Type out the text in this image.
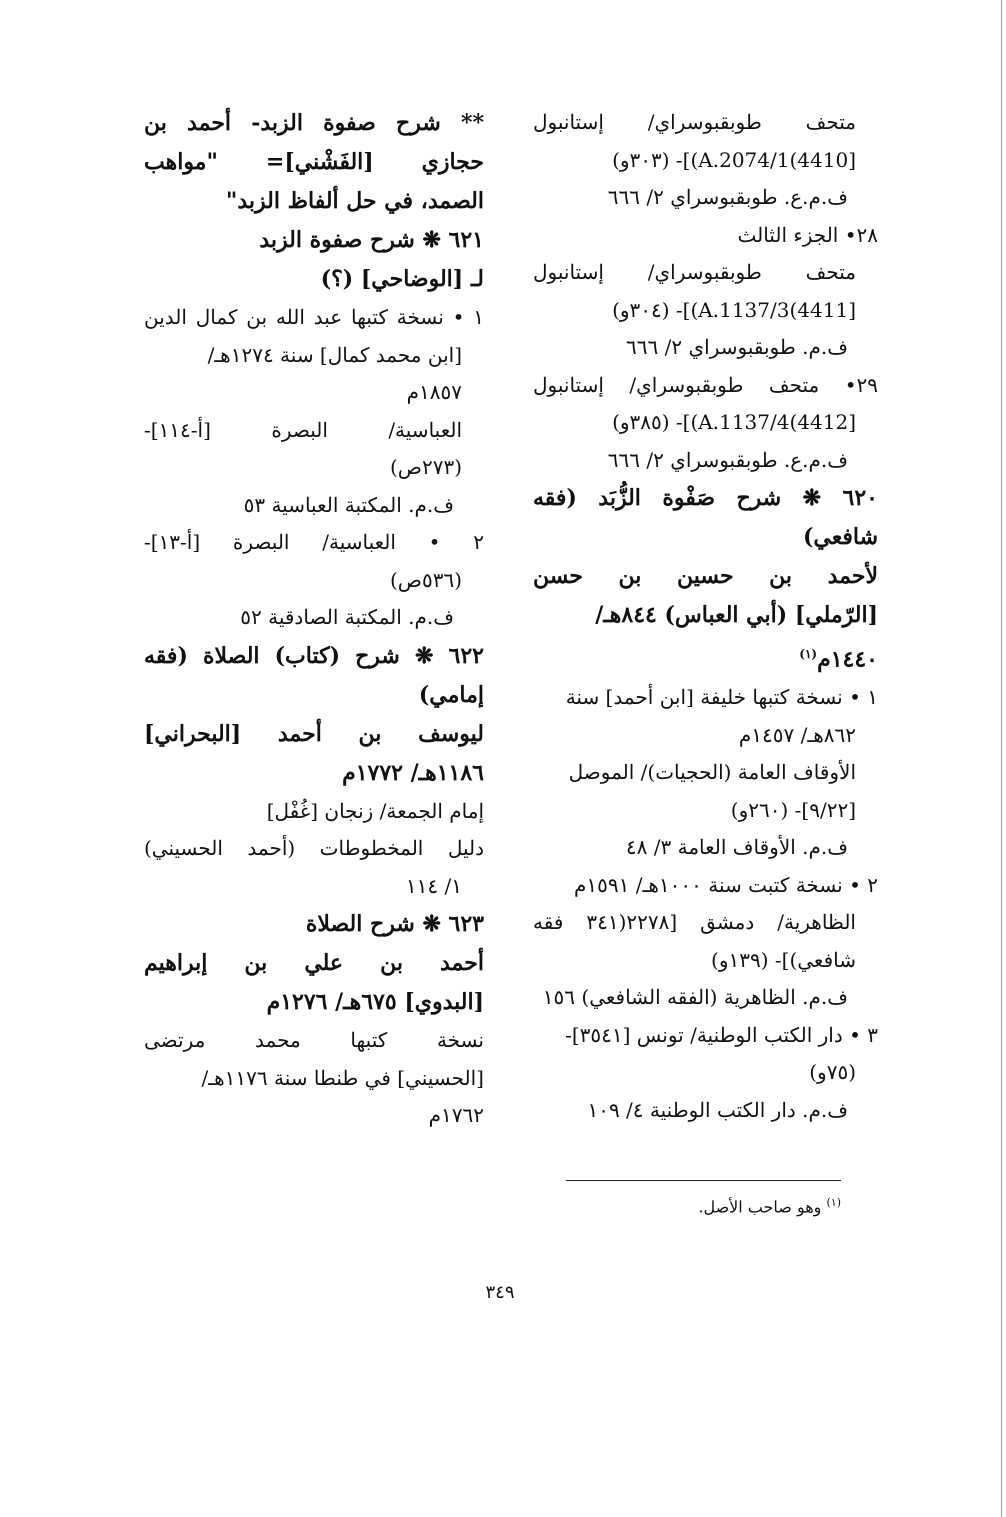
متحف طوبقبوسراي/ إستانبول
[4410)A.2074/1)]- (٣٠٣و)
ف.م.ع. طوبقبوسراي ٢/ ٦٦٦
٢٨• الجزء الثالث
متحف طوبقبوسراي/ إستانبول
[4411)A.1137/3)]- (٣٠٤و)
ف.م. طوبقبوسراي ٢/ ٦٦٦
٢٩• متحف طوبقبوسراي/ إستانبول
[4412)A.1137/4)]- (٣٨٥و)
ف.م.ع. طوبقبوسراي ٢/ ٦٦٦
٦٢٠ ❋ شرح صَفْوة الزُّبَد (فقه
شافعي)
لأحمد بن حسين بن حسن
[الرّملي] (أبي العباس) ٨٤٤هـ/
١٤٤٠م$^{(١)}$
١ • نسخة كتبها خليفة [ابن أحمد] سنة
٨٦٢هـ/ ١٤٥٧م
الأوقاف العامة (الحجيات)/ الموصل
[٩/٢٢]- (٢٦٠و)
ف.م. الأوقاف العامة ٣/ ٤٨
٢ • نسخة كتبت سنة ١٠٠٠هـ/ ١٥٩١م
الظاهرية/ دمشق [٢٢٧٨(٣٤١ فقه
شافعي)]- (١٣٩و)
ف.م. الظاهرية (الفقه الشافعي) ١٥٦
٣ • دار الكتب الوطنية/ تونس [٣٥٤١]-
(٧٥و)
ف.م. دار الكتب الوطنية ٤/ ١٠٩
** شرح صفوة الزبد- أحمد بن
حجازي [الفَشْني]= "مواهب
الصمد، في حل ألفاظ الزبد"
٦٢١ ❋ شرح صفوة الزبد
لـ [الوضاحي] (؟)
١ • نسخة كتبها عبد الله بن كمال الدين
[ابن محمد كمال] سنة ١٢٧٤هـ/
١٨٥٧م
العباسية/ البصرة [أ-١١٤]-
(٢٧٣ص)
ف.م. المكتبة العباسية ٥٣
٢ • العباسية/ البصرة [أ-١٣]-
(٥٣٦ص)
ف.م. المكتبة الصادقية ٥٢
٦٢٢ ❋ شرح (كتاب) الصلاة (فقه
إمامي)
ليوسف بن أحمد [البحراني]
١١٨٦هـ/ ١٧٧٢م
إمام الجمعة/ زنجان [غُفْل]
دليل المخطوطات (أحمد الحسيني)
١/ ١١٤
٦٢٣ ❋ شرح الصلاة
أحمد بن علي بن إبراهيم
[البدوي] ٦٧٥هـ/ ١٢٧٦م
نسخة كتبها محمد مرتضى
[الحسيني] في طنطا سنة ١١٧٦هـ/
١٧٦٢م
$^{(١)}$ وهو صاحب الأصل.
٣٤٩
